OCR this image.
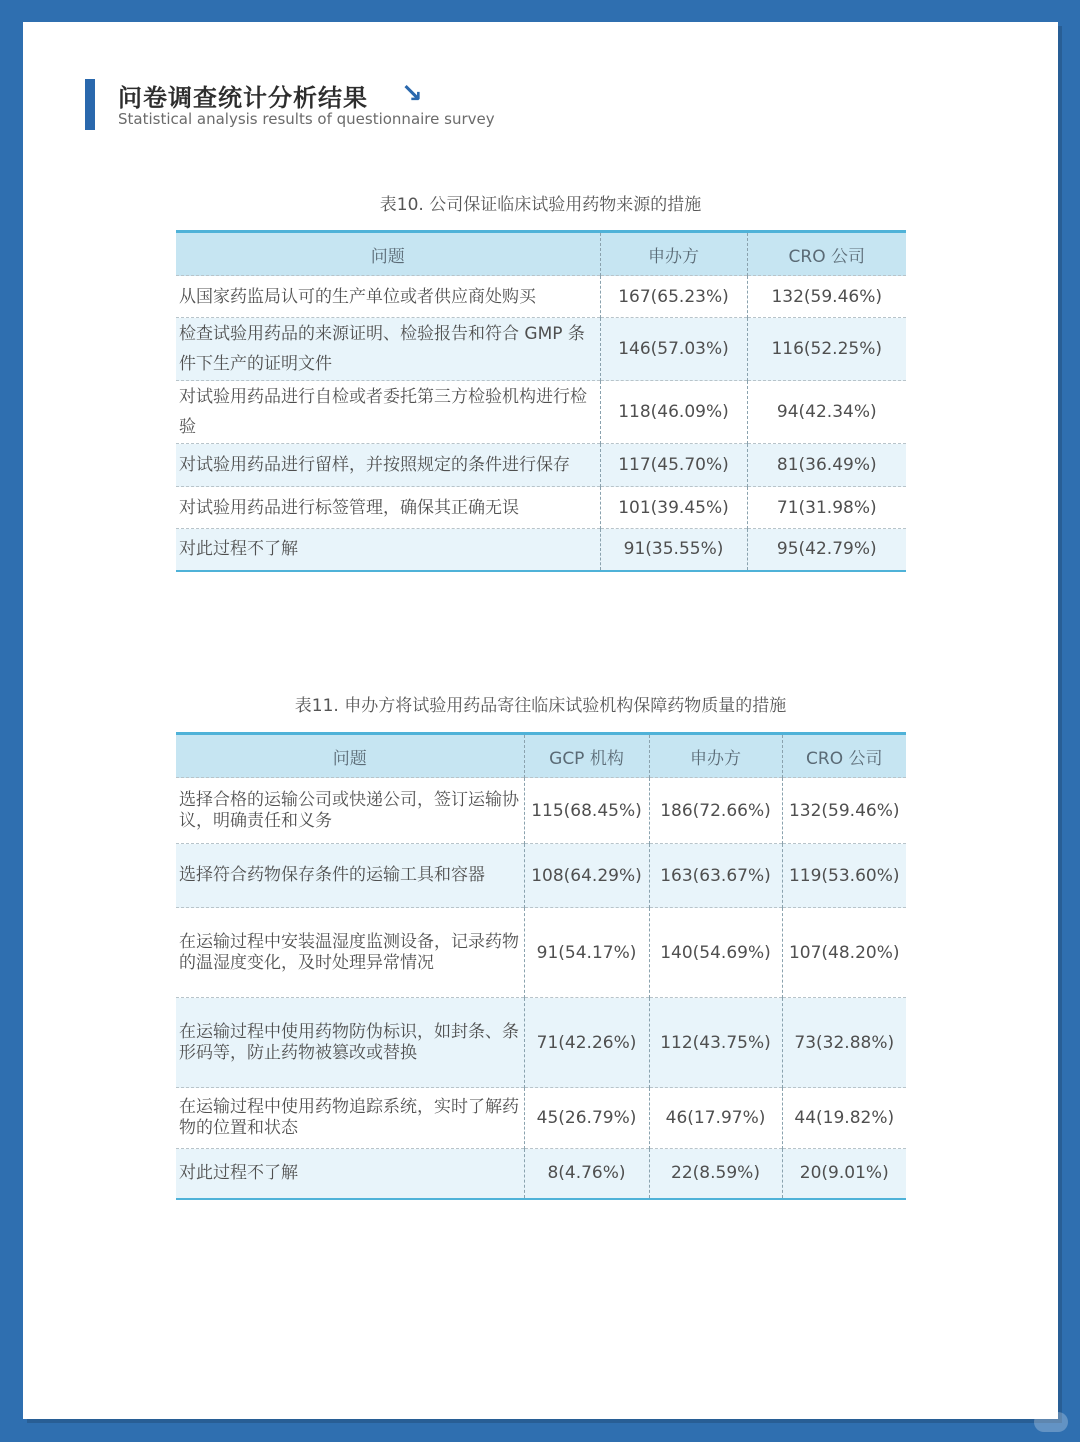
问卷调查统计分析结果 ↘
Statistical analysis results of questionnaire survey
表10. 公司保证临床试验用药物来源的措施
问题	申办方	CRO 公司
从国家药监局认可的生产单位或者供应商处购买	167(65.23%)	132(59.46%)
检查试验用药品的来源证明、检验报告和符合 GMP 条件下生产的证明文件	146(57.03%)	116(52.25%)
对试验用药品进行自检或者委托第三方检验机构进行检验	118(46.09%)	94(42.34%)
对试验用药品进行留样，并按照规定的条件进行保存	117(45.70%)	81(36.49%)
对试验用药品进行标签管理，确保其正确无误	101(39.45%)	71(31.98%)
对此过程不了解	91(35.55%)	95(42.79%)
表11. 申办方将试验用药品寄往临床试验机构保障药物质量的措施
问题	GCP 机构	申办方	CRO 公司
选择合格的运输公司或快递公司，签订运输协议，明确责任和义务	115(68.45%)	186(72.66%)	132(59.46%)
选择符合药物保存条件的运输工具和容器	108(64.29%)	163(63.67%)	119(53.60%)
在运输过程中安装温湿度监测设备，记录药物的温湿度变化，及时处理异常情况	91(54.17%)	140(54.69%)	107(48.20%)
在运输过程中使用药物防伪标识，如封条、条形码等，防止药物被篡改或替换	71(42.26%)	112(43.75%)	73(32.88%)
在运输过程中使用药物追踪系统，实时了解药物的位置和状态	45(26.79%)	46(17.97%)	44(19.82%)
对此过程不了解	8(4.76%)	22(8.59%)	20(9.01%)
